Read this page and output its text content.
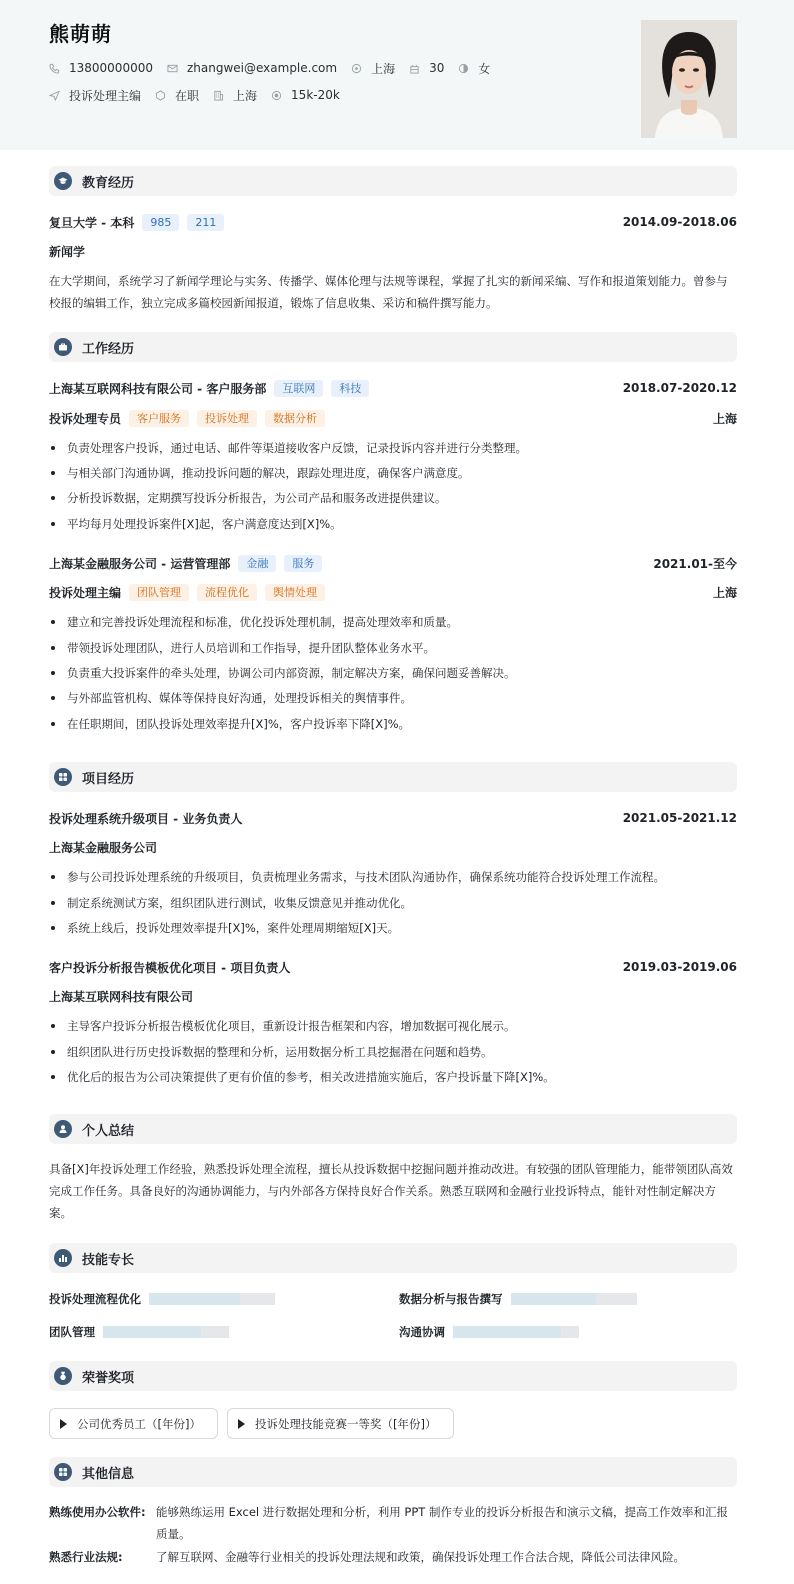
熊萌萌
13800000000	zhangwei@example.com	上海	30	女
投诉处理主编	在职	上海	15k-20k
教育经历
复旦大学 - 本科	985	211	2014.09-2018.06
新闻学
在大学期间，系统学习了新闻学理论与实务、传播学、媒体伦理与法规等课程，掌握了扎实的新闻采编、写作和报道策划能力。曾参与校报的编辑工作，独立完成多篇校园新闻报道，锻炼了信息收集、采访和稿件撰写能力。
工作经历
上海某互联网科技有限公司 - 客户服务部	互联网	科技	2018.07-2020.12
投诉处理专员	客户服务	投诉处理	数据分析	上海
负责处理客户投诉，通过电话、邮件等渠道接收客户反馈，记录投诉内容并进行分类整理。
与相关部门沟通协调，推动投诉问题的解决，跟踪处理进度，确保客户满意度。
分析投诉数据，定期撰写投诉分析报告，为公司产品和服务改进提供建议。
平均每月处理投诉案件[X]起，客户满意度达到[X]%。
上海某金融服务公司 - 运营管理部	金融	服务	2021.01-至今
投诉处理主编	团队管理	流程优化	舆情处理	上海
建立和完善投诉处理流程和标准，优化投诉处理机制，提高处理效率和质量。
带领投诉处理团队，进行人员培训和工作指导，提升团队整体业务水平。
负责重大投诉案件的牵头处理，协调公司内部资源，制定解决方案，确保问题妥善解决。
与外部监管机构、媒体等保持良好沟通，处理投诉相关的舆情事件。
在任职期间，团队投诉处理效率提升[X]%，客户投诉率下降[X]%。
项目经历
投诉处理系统升级项目 - 业务负责人	2021.05-2021.12
上海某金融服务公司
参与公司投诉处理系统的升级项目，负责梳理业务需求，与技术团队沟通协作，确保系统功能符合投诉处理工作流程。
制定系统测试方案，组织团队进行测试，收集反馈意见并推动优化。
系统上线后，投诉处理效率提升[X]%，案件处理周期缩短[X]天。
客户投诉分析报告模板优化项目 - 项目负责人	2019.03-2019.06
上海某互联网科技有限公司
主导客户投诉分析报告模板优化项目，重新设计报告框架和内容，增加数据可视化展示。
组织团队进行历史投诉数据的整理和分析，运用数据分析工具挖掘潜在问题和趋势。
优化后的报告为公司决策提供了更有价值的参考，相关改进措施实施后，客户投诉量下降[X]%。
个人总结
具备[X]年投诉处理工作经验，熟悉投诉处理全流程，擅长从投诉数据中挖掘问题并推动改进。有较强的团队管理能力，能带领团队高效完成工作任务。具备良好的沟通协调能力，与内外部各方保持良好合作关系。熟悉互联网和金融行业投诉特点，能针对性制定解决方案。
技能专长
投诉处理流程优化	数据分析与报告撰写
团队管理	沟通协调
荣誉奖项
公司优秀员工（[年份]）	投诉处理技能竞赛一等奖（[年份]）
其他信息
熟练使用办公软件: 能够熟练运用 Excel 进行数据处理和分析，利用 PPT 制作专业的投诉分析报告和演示文稿，提高工作效率和汇报质量。
熟悉行业法规:	了解互联网、金融等行业相关的投诉处理法规和政策，确保投诉处理工作合法合规，降低公司法律风险。
